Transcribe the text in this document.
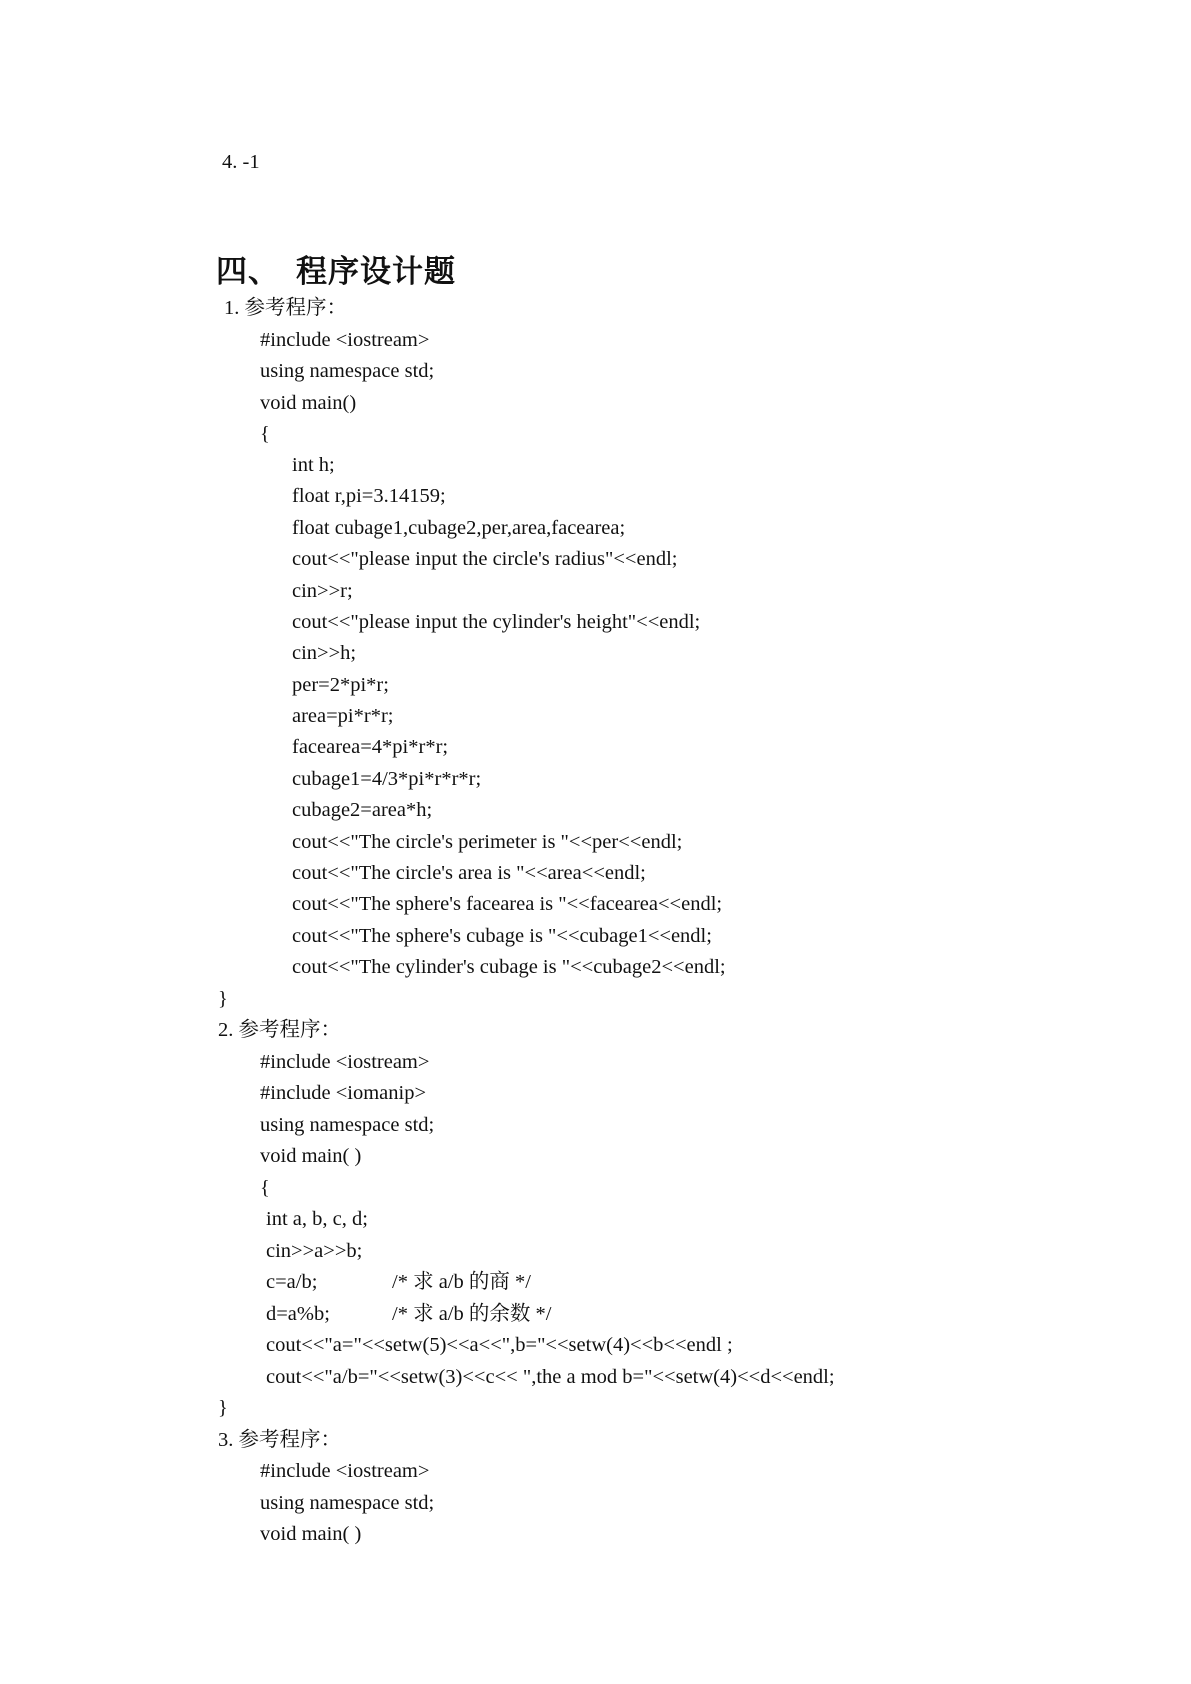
4. -1

四、 程序设计题

1. 参考程序：
#include <iostream>
using namespace std;
void main()
{
int h;
float r,pi=3.14159;
float cubage1,cubage2,per,area,facearea;
cout<<"please input the circle's radius"<<endl;
cin>>r;
cout<<"please input the cylinder's height"<<endl;
cin>>h;
per=2*pi*r;
area=pi*r*r;
facearea=4*pi*r*r;
cubage1=4/3*pi*r*r*r;
cubage2=area*h;
cout<<"The circle's perimeter is "<<per<<endl;
cout<<"The circle's area is "<<area<<endl;
cout<<"The sphere's facearea is "<<facearea<<endl;
cout<<"The sphere's cubage is "<<cubage1<<endl;
cout<<"The cylinder's cubage is "<<cubage2<<endl;
}
2. 参考程序：
#include <iostream>
#include <iomanip>
using namespace std;
void main( )
{
int a, b, c, d;
cin>>a>>b;
c=a/b;	/* 求 a/b 的商 */
d=a%b;	/* 求 a/b 的余数 */
cout<<"a="<<setw(5)<<a<<",b="<<setw(4)<<b<<endl ;
cout<<"a/b="<<setw(3)<<c<< ",the a mod b="<<setw(4)<<d<<endl;
}
3. 参考程序：
#include <iostream>
using namespace std;
void main( )
